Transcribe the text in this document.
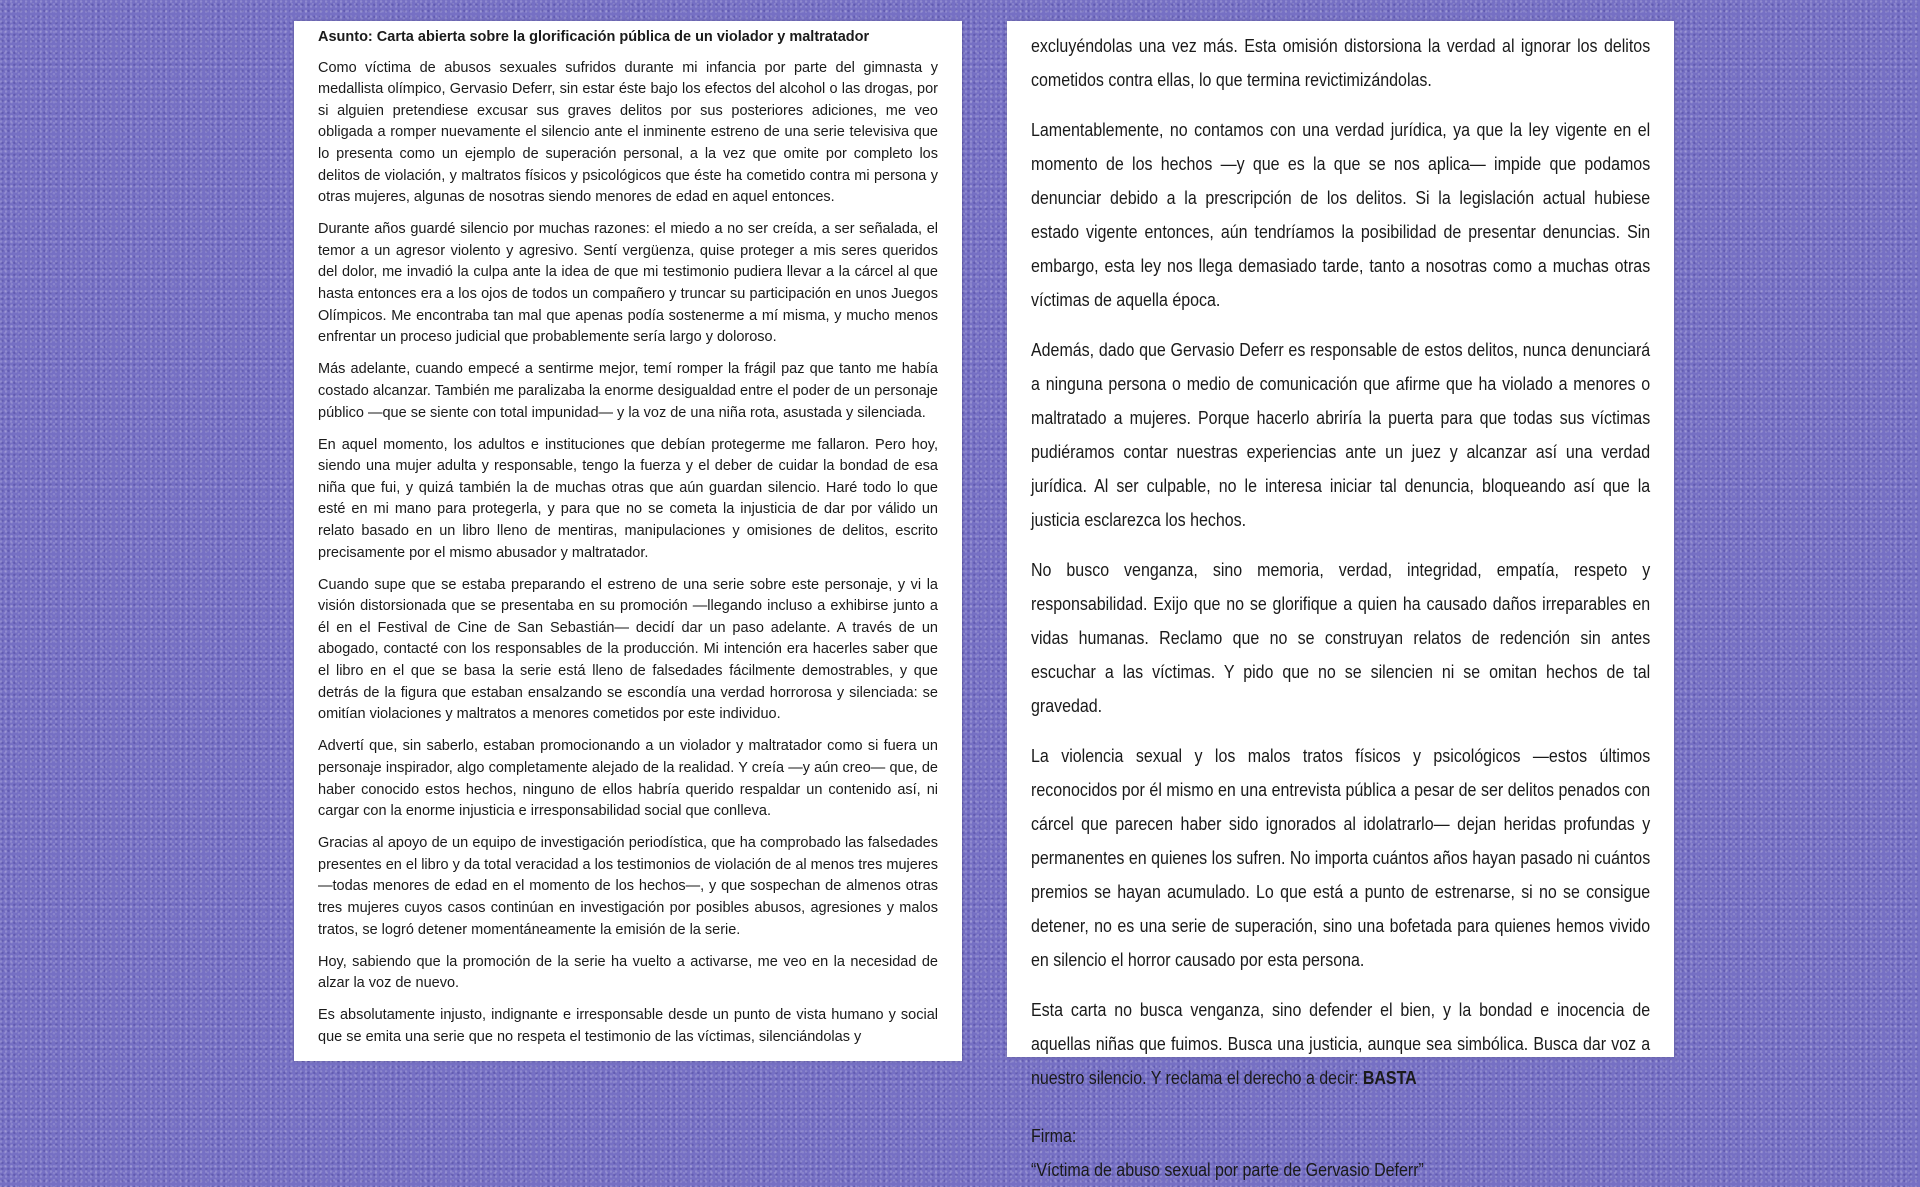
Asunto: Carta abierta sobre la glorificación pública de un violador y maltratador

Como víctima de abusos sexuales sufridos durante mi infancia por parte del gimnasta y medallista olímpico, Gervasio Deferr, sin estar éste bajo los efectos del alcohol o las drogas, por si alguien pretendiese excusar sus graves delitos por sus posteriores adiciones, me veo obligada a romper nuevamente el silencio ante el inminente estreno de una serie televisiva que lo presenta como un ejemplo de superación personal, a la vez que omite por completo los delitos de violación, y maltratos físicos y psicológicos que éste ha cometido contra mi persona y otras mujeres, algunas de nosotras siendo menores de edad en aquel entonces.

Durante años guardé silencio por muchas razones: el miedo a no ser creída, a ser señalada, el temor a un agresor violento y agresivo. Sentí vergüenza, quise proteger a mis seres queridos del dolor, me invadió la culpa ante la idea de que mi testimonio pudiera llevar a la cárcel al que hasta entonces era a los ojos de todos un compañero y truncar su participación en unos Juegos Olímpicos. Me encontraba tan mal que apenas podía sostenerme a mí misma, y mucho menos enfrentar un proceso judicial que probablemente sería largo y doloroso.

Más adelante, cuando empecé a sentirme mejor, temí romper la frágil paz que tanto me había costado alcanzar. También me paralizaba la enorme desigualdad entre el poder de un personaje público —que se siente con total impunidad— y la voz de una niña rota, asustada y silenciada.

En aquel momento, los adultos e instituciones que debían protegerme me fallaron. Pero hoy, siendo una mujer adulta y responsable, tengo la fuerza y el deber de cuidar la bondad de esa niña que fui, y quizá también la de muchas otras que aún guardan silencio. Haré todo lo que esté en mi mano para protegerla, y para que no se cometa la injusticia de dar por válido un relato basado en un libro lleno de mentiras, manipulaciones y omisiones de delitos, escrito precisamente por el mismo abusador y maltratador.

Cuando supe que se estaba preparando el estreno de una serie sobre este personaje, y vi la visión distorsionada que se presentaba en su promoción —llegando incluso a exhibirse junto a él en el Festival de Cine de San Sebastián— decidí dar un paso adelante. A través de un abogado, contacté con los responsables de la producción. Mi intención era hacerles saber que el libro en el que se basa la serie está lleno de falsedades fácilmente demostrables, y que detrás de la figura que estaban ensalzando se escondía una verdad horrorosa y silenciada: se omitían violaciones y maltratos a menores cometidos por este individuo.

Advertí que, sin saberlo, estaban promocionando a un violador y maltratador como si fuera un personaje inspirador, algo completamente alejado de la realidad. Y creía —y aún creo— que, de haber conocido estos hechos, ninguno de ellos habría querido respaldar un contenido así, ni cargar con la enorme injusticia e irresponsabilidad social que conlleva.

Gracias al apoyo de un equipo de investigación periodística, que ha comprobado las falsedades presentes en el libro y da total veracidad a los testimonios de violación de al menos tres mujeres —todas menores de edad en el momento de los hechos—, y que sospechan de almenos otras tres mujeres cuyos casos continúan en investigación por posibles abusos, agresiones y malos tratos, se logró detener momentáneamente la emisión de la serie.

Hoy, sabiendo que la promoción de la serie ha vuelto a activarse, me veo en la necesidad de alzar la voz de nuevo.

Es absolutamente injusto, indignante e irresponsable desde un punto de vista humano y social que se emita una serie que no respeta el testimonio de las víctimas, silenciándolas y

excluyéndolas una vez más. Esta omisión distorsiona la verdad al ignorar los delitos cometidos contra ellas, lo que termina revictimizándolas.

Lamentablemente, no contamos con una verdad jurídica, ya que la ley vigente en el momento de los hechos —y que es la que se nos aplica— impide que podamos denunciar debido a la prescripción de los delitos. Si la legislación actual hubiese estado vigente entonces, aún tendríamos la posibilidad de presentar denuncias. Sin embargo, esta ley nos llega demasiado tarde, tanto a nosotras como a muchas otras víctimas de aquella época.

Además, dado que Gervasio Deferr es responsable de estos delitos, nunca denunciará a ninguna persona o medio de comunicación que afirme que ha violado a menores o maltratado a mujeres. Porque hacerlo abriría la puerta para que todas sus víctimas pudiéramos contar nuestras experiencias ante un juez y alcanzar así una verdad jurídica. Al ser culpable, no le interesa iniciar tal denuncia, bloqueando así que la justicia esclarezca los hechos.

No busco venganza, sino memoria, verdad, integridad, empatía, respeto y responsabilidad. Exijo que no se glorifique a quien ha causado daños irreparables en vidas humanas. Reclamo que no se construyan relatos de redención sin antes escuchar a las víctimas. Y pido que no se silencien ni se omitan hechos de tal gravedad.

La violencia sexual y los malos tratos físicos y psicológicos —estos últimos reconocidos por él mismo en una entrevista pública a pesar de ser delitos penados con cárcel que parecen haber sido ignorados al idolatrarlo— dejan heridas profundas y permanentes en quienes los sufren. No importa cuántos años hayan pasado ni cuántos premios se hayan acumulado. Lo que está a punto de estrenarse, si no se consigue detener, no es una serie de superación, sino una bofetada para quienes hemos vivido en silencio el horror causado por esta persona.

Esta carta no busca venganza, sino defender el bien, y la bondad e inocencia de aquellas niñas que fuimos. Busca una justicia, aunque sea simbólica. Busca dar voz a nuestro silencio. Y reclama el derecho a decir: BASTA

Firma:

“Víctima de abuso sexual por parte de Gervasio Deferr”
